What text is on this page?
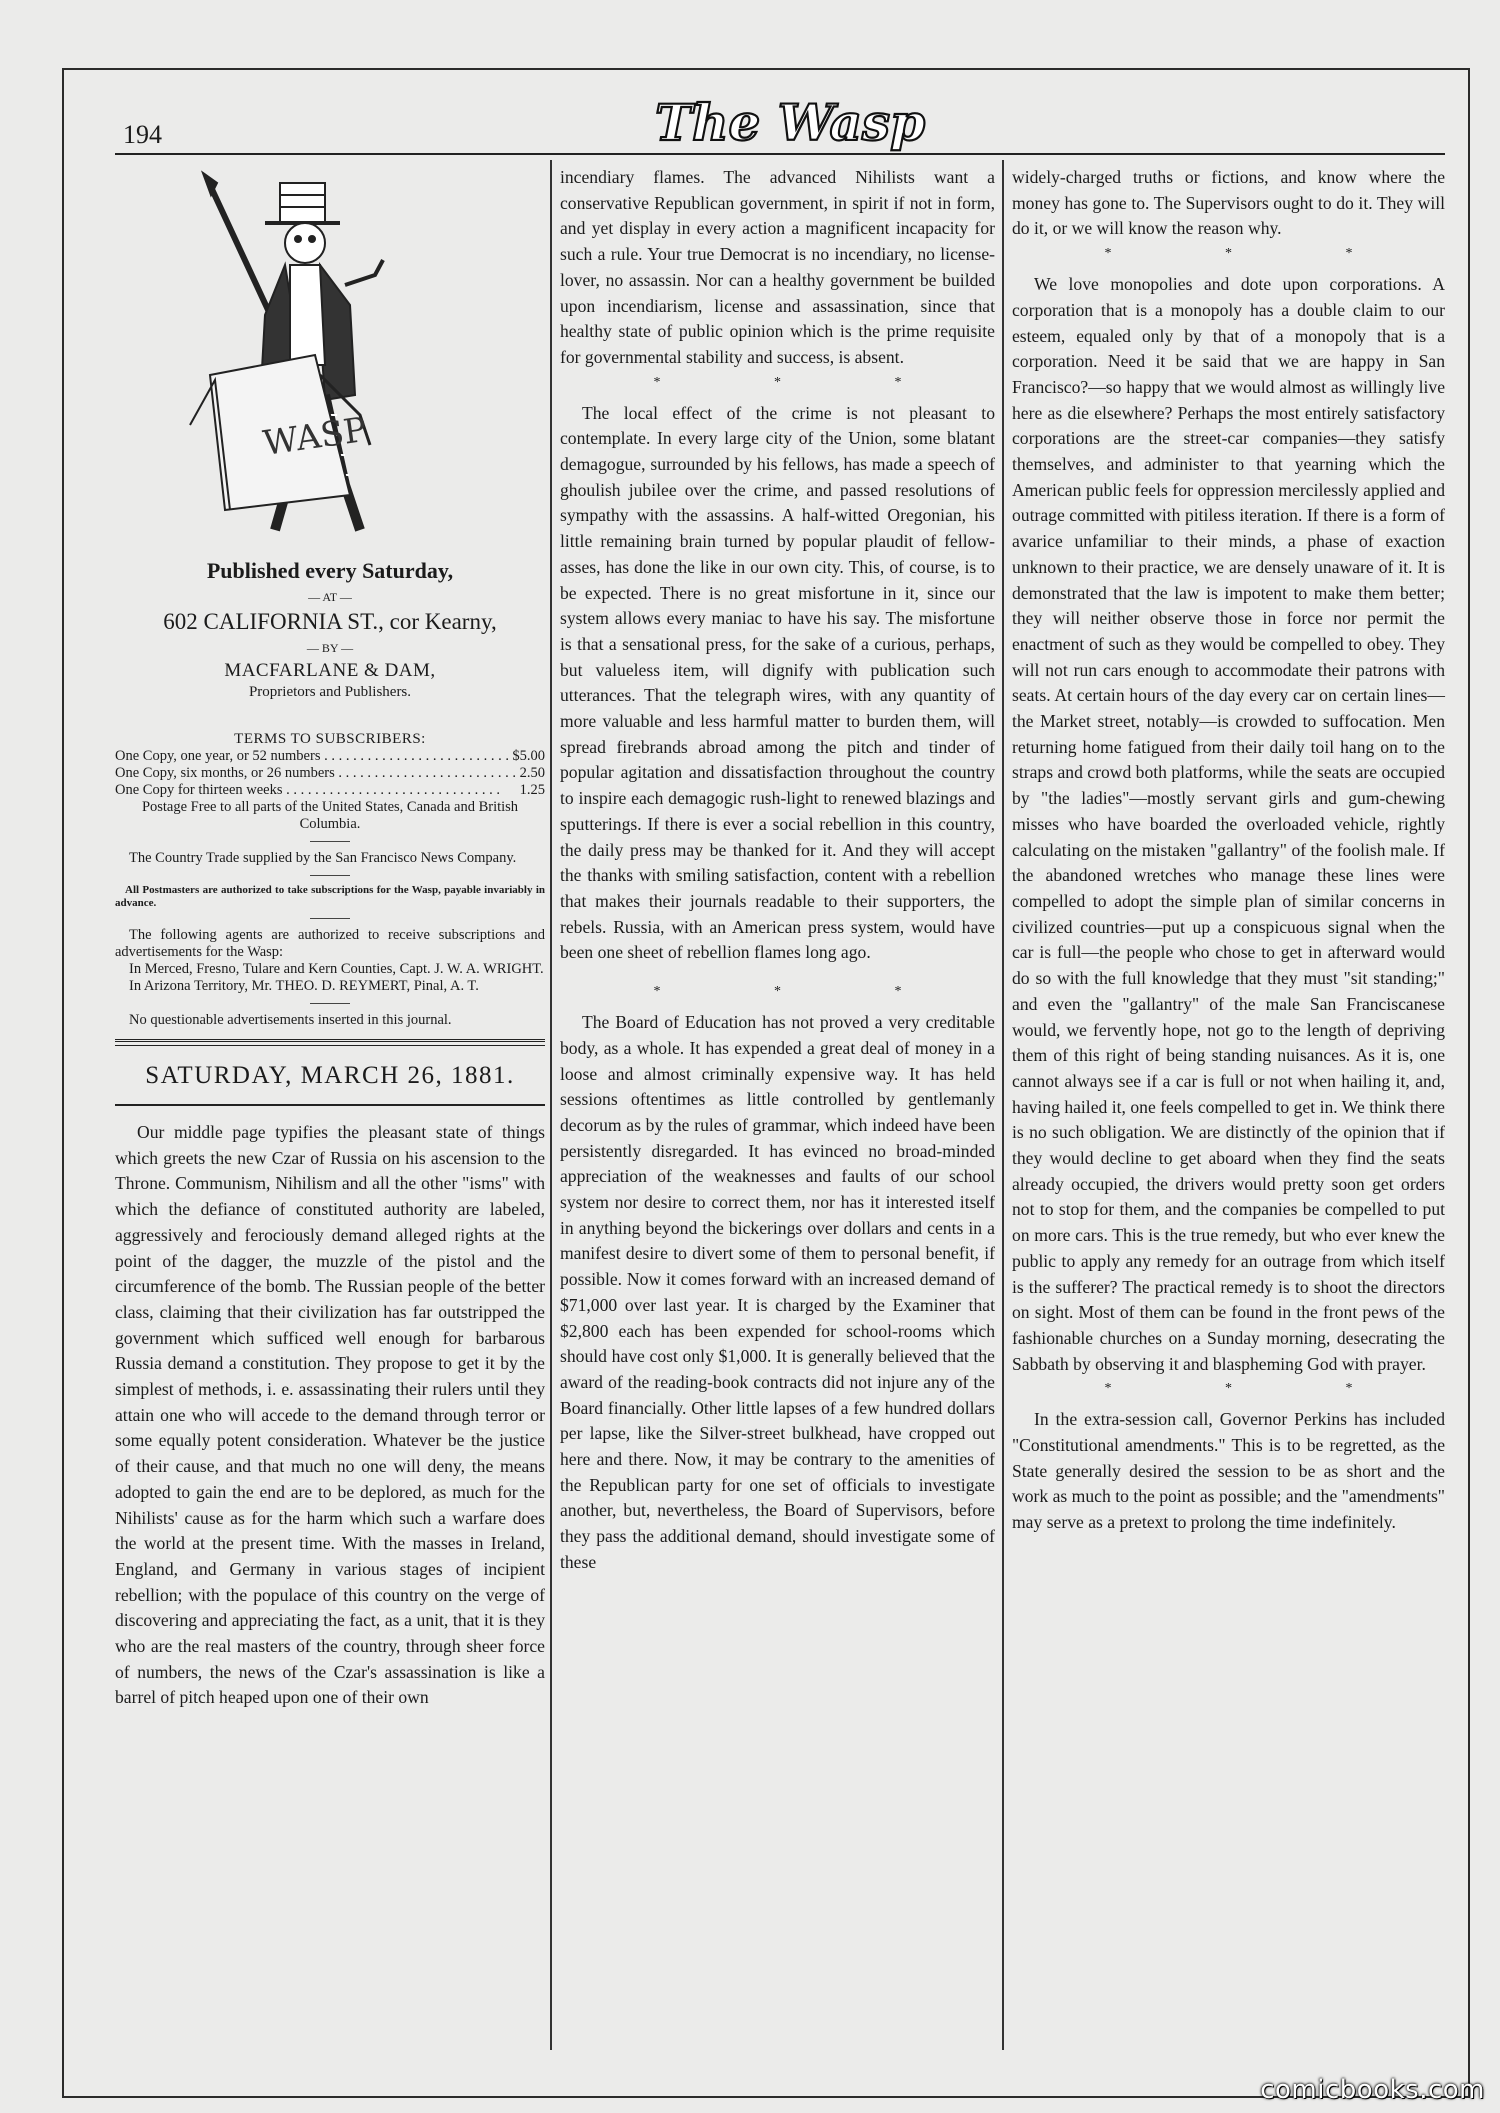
194	The Wasp
WASP
Published every Saturday,
— AT —
602 CALIFORNIA ST., cor Kearny,
— BY —
MACFARLANE & DAM,
Proprietors and Publishers.
TERMS TO SUBSCRIBERS:
One Copy, one year, or 52 numbers . . .	$5.00
One Copy, six months, or 26 numbers . . .	2.50
One Copy for thirteen weeks . . .	1.25
Postage Free to all parts of the United States, Canada and British Columbia.

The Country Trade supplied by the San Francisco News Company.

All Postmasters are authorized to take subscriptions for the Wasp, payable invariably in advance.

The following agents are authorized to receive subscriptions and advertisements for the Wasp:

In Merced, Fresno, Tulare and Kern Counties, Capt. J. W. A. WRIGHT.

In Arizona Territory, Mr. THEO. D. REYMERT, Pinal, A. T.

No questionable advertisements inserted in this journal.

SATURDAY, MARCH 26, 1881.

Our middle page typifies the pleasant state of things which greets the new Czar of Russia on his ascension to the Throne. Communism, Nihilism and all the other "isms" with which the defiance of constituted authority are labeled, aggressively and ferociously demand alleged rights at the point of the dagger, the muzzle of the pistol and the circumference of the bomb. The Russian people of the better class, claiming that their civilization has far outstripped the government which sufficed well enough for barbarous Russia demand a constitution. They propose to get it by the simplest of methods, i. e. assassinating their rulers until they attain one who will accede to the demand through terror or some equally potent consideration. Whatever be the justice of their cause, and that much no one will deny, the means adopted to gain the end are to be deplored, as much for the Nihilists' cause as for the harm which such a warfare does the world at the present time. With the masses in Ireland, England, and Germany in various stages of incipient rebellion; with the populace of this country on the verge of discovering and appreciating the fact, as a unit, that it is they who are the real masters of the country, through sheer force of numbers, the news of the Czar's assassination is like a barrel of pitch heaped upon one of their own

incendiary flames. The advanced Nihilists want a conservative Republican government, in spirit if not in form, and yet display in every action a magnificent incapacity for such a rule. Your true Democrat is no incendiary, no license-lover, no assassin. Nor can a healthy government be builded upon incendiarism, license and assassination, since that healthy state of public opinion which is the prime requisite for governmental stability and success, is absent.

* * *

The local effect of the crime is not pleasant to contemplate. In every large city of the Union, some blatant demagogue, surrounded by his fellows, has made a speech of ghoulish jubilee over the crime, and passed resolutions of sympathy with the assassins. A half-witted Oregonian, his little remaining brain turned by popular plaudit of fellow-asses, has done the like in our own city. This, of course, is to be expected. There is no great misfortune in it, since our system allows every maniac to have his say. The misfortune is that a sensational press, for the sake of a curious, perhaps, but valueless item, will dignify with publication such utterances. That the telegraph wires, with any quantity of more valuable and less harmful matter to burden them, will spread firebrands abroad among the pitch and tinder of popular agitation and dissatisfaction throughout the country to inspire each demagogic rush-light to renewed blazings and sputterings. If there is ever a social rebellion in this country, the daily press may be thanked for it. And they will accept the thanks with smiling satisfaction, content with a rebellion that makes their journals readable to their supporters, the rebels. Russia, with an American press system, would have been one sheet of rebellion flames long ago.

* * *

The Board of Education has not proved a very creditable body, as a whole. It has expended a great deal of money in a loose and almost criminally expensive way. It has held sessions oftentimes as little controlled by gentlemanly decorum as by the rules of grammar, which indeed have been persistently disregarded. It has evinced no broad-minded appreciation of the weaknesses and faults of our school system nor desire to correct them, nor has it interested itself in anything beyond the bickerings over dollars and cents in a manifest desire to divert some of them to personal benefit, if possible. Now it comes forward with an increased demand of $71,000 over last year. It is charged by the Examiner that $2,800 each has been expended for school-rooms which should have cost only $1,000. It is generally believed that the award of the reading-book contracts did not injure any of the Board financially. Other little lapses of a few hundred dollars per lapse, like the Silver-street bulkhead, have cropped out here and there. Now, it may be contrary to the amenities of the Republican party for one set of officials to investigate another, but, nevertheless, the Board of Supervisors, before they pass the additional demand, should investigate some of these

widely-charged truths or fictions, and know where the money has gone to. The Supervisors ought to do it. They will do it, or we will know the reason why.

* * *

We love monopolies and dote upon corporations. A corporation that is a monopoly has a double claim to our esteem, equaled only by that of a monopoly that is a corporation. Need it be said that we are happy in San Francisco?—so happy that we would almost as willingly live here as die elsewhere? Perhaps the most entirely satisfactory corporations are the street-car companies—they satisfy themselves, and administer to that yearning which the American public feels for oppression mercilessly applied and outrage committed with pitiless iteration. If there is a form of avarice unfamiliar to their minds, a phase of exaction unknown to their practice, we are densely unaware of it. It is demonstrated that the law is impotent to make them better; they will neither observe those in force nor permit the enactment of such as they would be compelled to obey. They will not run cars enough to accommodate their patrons with seats. At certain hours of the day every car on certain lines—the Market street, notably—is crowded to suffocation. Men returning home fatigued from their daily toil hang on to the straps and crowd both platforms, while the seats are occupied by "the ladies"—mostly servant girls and gum-chewing misses who have boarded the overloaded vehicle, rightly calculating on the mistaken "gallantry" of the foolish male. If the abandoned wretches who manage these lines were compelled to adopt the simple plan of similar concerns in civilized countries—put up a conspicuous signal when the car is full—the people who chose to get in afterward would do so with the full knowledge that they must "sit standing;" and even the "gallantry" of the male San Franciscanese would, we fervently hope, not go to the length of depriving them of this right of being standing nuisances. As it is, one cannot always see if a car is full or not when hailing it, and, having hailed it, one feels compelled to get in. We think there is no such obligation. We are distinctly of the opinion that if they would decline to get aboard when they find the seats already occupied, the drivers would pretty soon get orders not to stop for them, and the companies be compelled to put on more cars. This is the true remedy, but who ever knew the public to apply any remedy for an outrage from which itself is the sufferer? The practical remedy is to shoot the directors on sight. Most of them can be found in the front pews of the fashionable churches on a Sunday morning, desecrating the Sabbath by observing it and blaspheming God with prayer.

* * *

In the extra-session call, Governor Perkins has included "Constitutional amendments." This is to be regretted, as the State generally desired the session to be as short and the work as much to the point as possible; and the "amendments" may serve as a pretext to prolong the time indefinitely.

comicbooks.com
